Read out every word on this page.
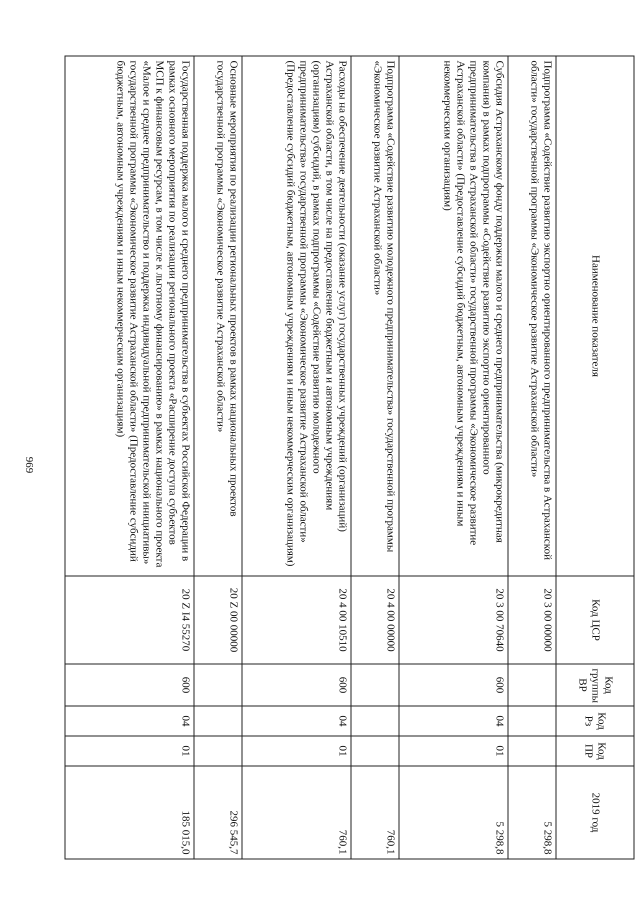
969
Наименование показателя	Код ЦСР	Код группы ВР	Код Рз	Код ПР	2019 год
Подпрограмма «Содействие развитию экспортно ориентированного предпринимательства в Астраханской области» государственной программы «Экономическое развитие Астраханской области»	20 3 00 00000				5 298,8
Субсидия Астраханскому фонду поддержки малого и среднего предпринимательства (микрокредитная компания) в рамках подпрограммы «Содействие развитию экспортно ориентированного предпринимательства в Астраханской области» государственной программы «Экономическое развитие Астраханской области» (Предоставление субсидий бюджетным, автономным учреждениям и иным некоммерческим организациям)	20 3 00 70640	600	04	01	5 298,8
Подпрограмма «Содействие развитию молодежного предпринимательства» государственной программы «Экономическое развитие Астраханской области»	20 4 00 00000				760,1
Расходы на обеспечение деятельности (оказание услуг) государственных учреждений (организаций) Астраханской области, в том числе на предоставление бюджетным и автономным учреждениям (организациям) субсидий, в рамках подпрограммы «Содействие развитию молодежного предпринимательства» государственной программы «Экономическое развитие Астраханской области» (Предоставление субсидий бюджетным, автономным учреждениям и иным некоммерческим организациям)	20 4 00 10510	600	04	01	760,1
Основные мероприятия по реализации региональных проектов в рамках национальных проектов государственной программы «Экономическое развитие Астраханской области»	20 Z 00 00000				296 545,7
Государственная поддержка малого и среднего предпринимательства в субъектах Российской Федерации в рамках основного мероприятия по реализации регионального проекта «Расширение доступа субъектов МСП к финансовым ресурсам, в том числе к льготному финансированию» в рамках национального проекта «Малое и среднее предпринимательство и поддержка индивидуальной предпринимательской инициативы» государственной программы «Экономическое развитие Астраханской области» (Предоставление субсидий бюджетным, автономным учреждениям и иным некоммерческим организациям)	20 Z I4 55270	600	04	01	185 015,0
